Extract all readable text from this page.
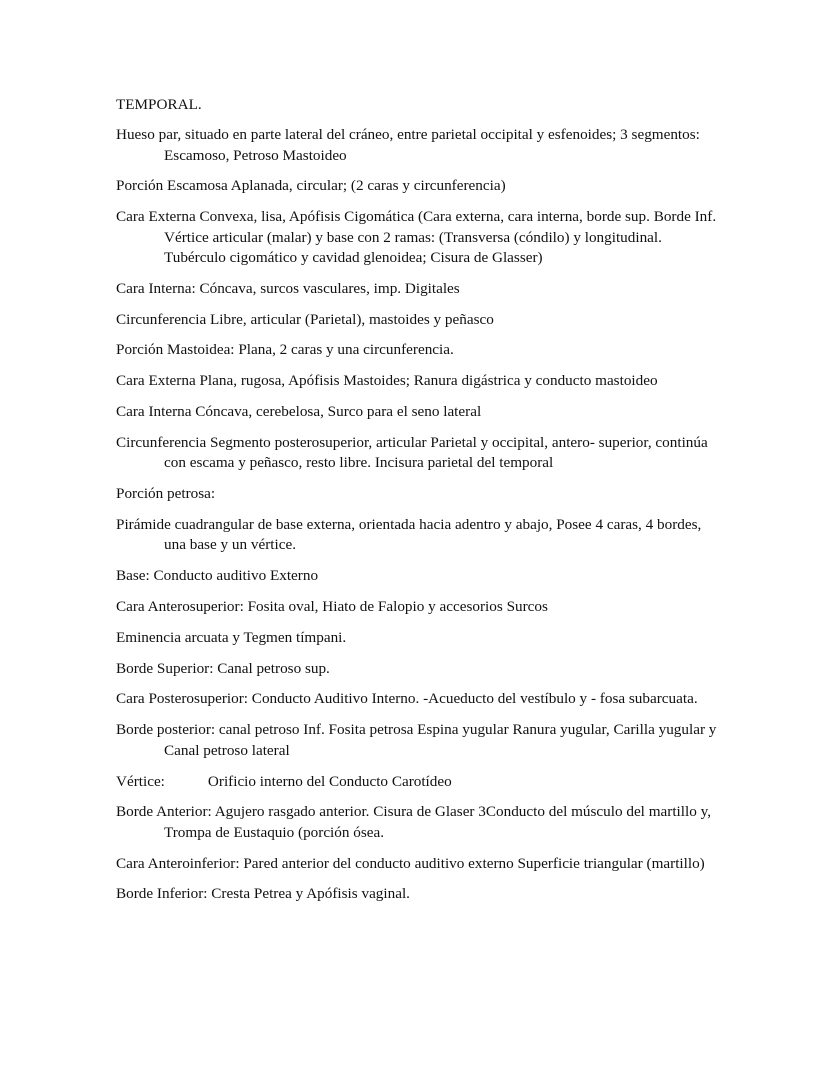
TEMPORAL.
Hueso par, situado en parte lateral del cráneo, entre parietal occipital y esfenoides; 3 segmentos: Escamoso, Petroso Mastoideo
Porción Escamosa Aplanada, circular; (2 caras y circunferencia)
Cara Externa Convexa, lisa, Apófisis Cigomática (Cara externa, cara interna, borde sup. Borde Inf. Vértice articular (malar) y base con 2 ramas: (Transversa (cóndilo) y longitudinal. Tubérculo cigomático y cavidad glenoidea; Cisura de Glasser)
Cara Interna: Cóncava, surcos vasculares, imp. Digitales
Circunferencia Libre, articular (Parietal), mastoides y peñasco
Porción Mastoidea: Plana, 2 caras y una circunferencia.
Cara Externa Plana, rugosa, Apófisis Mastoides; Ranura digástrica y conducto mastoideo
Cara Interna Cóncava, cerebelosa, Surco para el seno lateral
Circunferencia Segmento posterosuperior, articular Parietal y occipital, antero- superior, continúa con escama y peñasco, resto libre. Incisura parietal del temporal
Porción petrosa:
Pirámide cuadrangular de base externa, orientada hacia adentro y abajo, Posee 4 caras, 4 bordes, una base y un vértice.
Base: Conducto auditivo Externo
Cara Anterosuperior: Fosita oval, Hiato de Falopio y accesorios Surcos
Eminencia arcuata y Tegmen tímpani.
Borde Superior: Canal petroso sup.
Cara Posterosuperior: Conducto Auditivo Interno. -Acueducto del vestíbulo y - fosa subarcuata.
Borde posterior: canal petroso Inf. Fosita petrosa Espina yugular Ranura yugular, Carilla yugular y Canal petroso lateral
Vértice:	Orificio interno del Conducto Carotídeo
Borde Anterior: Agujero rasgado anterior. Cisura de Glaser 3Conducto del músculo del martillo y, Trompa de Eustaquio (porción ósea.
Cara Anteroinferior: Pared anterior del conducto auditivo externo Superficie triangular (martillo)
Borde Inferior: Cresta Petrea y Apófisis vaginal.
